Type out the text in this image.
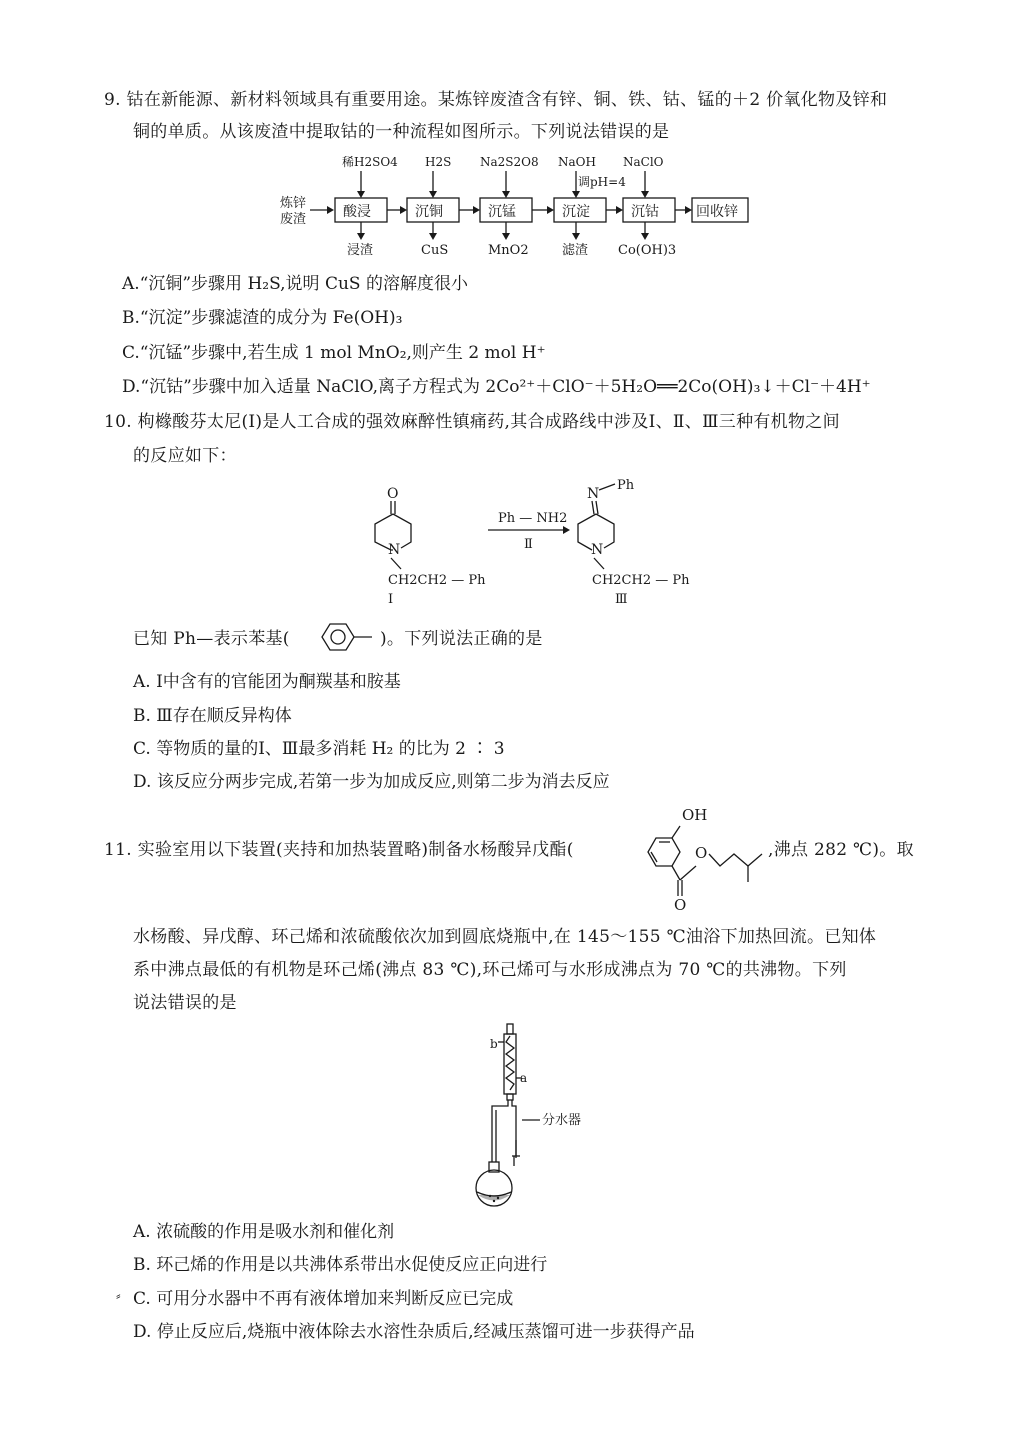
9. 钴在新能源、新材料领域具有重要用途。某炼锌废渣含有锌、铜、铁、钴、锰的＋2 价氧化物及锌和
铜的单质。从该废渣中提取钴的一种流程如图所示。下列说法错误的是
炼锌
废渣	酸浸	沉铜	沉锰	沉淀	沉钴	回收锌
稀H2SO4 H2S Na2S2O8 NaOH
调pH=4
NaClO
浸渣	CuS	MnO2	滤渣 Co(OH)3
A.“沉铜”步骤用 H₂S,说明 CuS 的溶解度很小
B.“沉淀”步骤滤渣的成分为 Fe(OH)₃
C.“沉锰”步骤中,若生成 1 mol MnO₂,则产生 2 mol H⁺
D.“沉钴”步骤中加入适量 NaClO,离子方程式为 2Co²⁺＋ClO⁻＋5H₂O══2Co(OH)₃↓＋Cl⁻＋4H⁺
10. 枸橼酸芬太尼(I)是人工合成的强效麻醉性镇痛药,其合成路线中涉及Ⅰ、Ⅱ、Ⅲ三种有机物之间
的反应如下：
O
N
CH2CH2 — Ph
Ⅰ
Ph — NH2
Ⅱ
N
Ph
N
CH2CH2 — Ph
Ⅲ
已知 Ph—表示苯基(	)。下列说法正确的是
A. Ⅰ中含有的官能团为酮羰基和胺基
B. Ⅲ存在顺反异构体
C. 等物质的量的Ⅰ、Ⅲ最多消耗 H₂ 的比为 2 ∶ 3
D. 该反应分两步完成,若第一步为加成反应,则第二步为消去反应
11. 实验室用以下装置(夹持和加热装置略)制备水杨酸异戊酯(
OH
O
O
,沸点 282 ℃)。取
水杨酸、异戊醇、环己烯和浓硫酸依次加到圆底烧瓶中,在 145～155 ℃油浴下加热回流。已知体
系中沸点最低的有机物是环己烯(沸点 83 ℃),环己烯可与水形成沸点为 70 ℃的共沸物。下列
说法错误的是
b
a
分水器
A. 浓硫酸的作用是吸水剂和催化剂
B. 环己烯的作用是以共沸体系带出水促使反应正向进行
⸗ C. 可用分水器中不再有液体增加来判断反应已完成
D. 停止反应后,烧瓶中液体除去水溶性杂质后,经减压蒸馏可进一步获得产品
